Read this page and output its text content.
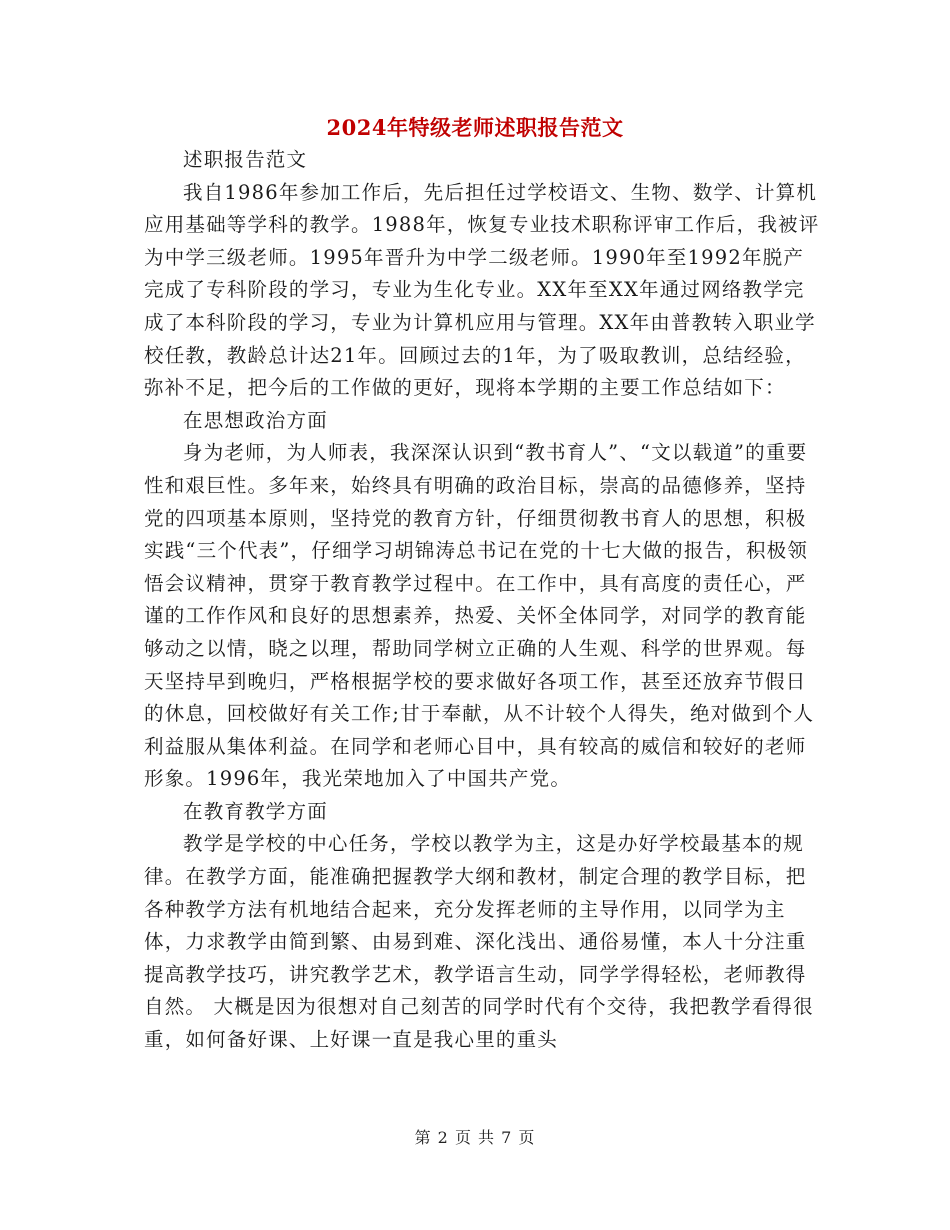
2024年特级老师述职报告范文

述职报告范文

我自1986年参加工作后，先后担任过学校语文、生物、数学、计算机应用基础等学科的教学。1988年，恢复专业技术职称评审工作后，我被评为中学三级老师。1995年晋升为中学二级老师。1990年至1992年脱产完成了专科阶段的学习，专业为生化专业。XX年至XX年通过网络教学完成了本科阶段的学习，专业为计算机应用与管理。XX年由普教转入职业学校任教，教龄总计达21年。回顾过去的1年，为了吸取教训，总结经验，弥补不足，把今后的工作做的更好，现将本学期的主要工作总结如下：

在思想政治方面

身为老师，为人师表，我深深认识到“教书育人”、“文以载道”的重要性和艰巨性。多年来，始终具有明确的政治目标，崇高的品德修养，坚持党的四项基本原则，坚持党的教育方针，仔细贯彻教书育人的思想，积极实践“三个代表”，仔细学习胡锦涛总书记在党的十七大做的报告，积极领悟会议精神，贯穿于教育教学过程中。在工作中，具有高度的责任心，严谨的工作作风和良好的思想素养，热爱、关怀全体同学，对同学的教育能够动之以情，晓之以理，帮助同学树立正确的人生观、科学的世界观。每天坚持早到晚归，严格根据学校的要求做好各项工作，甚至还放弃节假日的休息，回校做好有关工作;甘于奉献，从不计较个人得失，绝对做到个人利益服从集体利益。在同学和老师心目中，具有较高的威信和较好的老师形象。1996年，我光荣地加入了中国共产党。

在教育教学方面

教学是学校的中心任务，学校以教学为主，这是办好学校最基本的规律。在教学方面，能准确把握教学大纲和教材，制定合理的教学目标，把各种教学方法有机地结合起来，充分发挥老师的主导作用，以同学为主体，力求教学由简到繁、由易到难、深化浅出、通俗易懂，本人十分注重提高教学技巧，讲究教学艺术，教学语言生动，同学学得轻松，老师教得自然。 大概是因为很想对自己刻苦的同学时代有个交待，我把教学看得很重，如何备好课、上好课一直是我心里的重头

第 2 页 共 7 页
